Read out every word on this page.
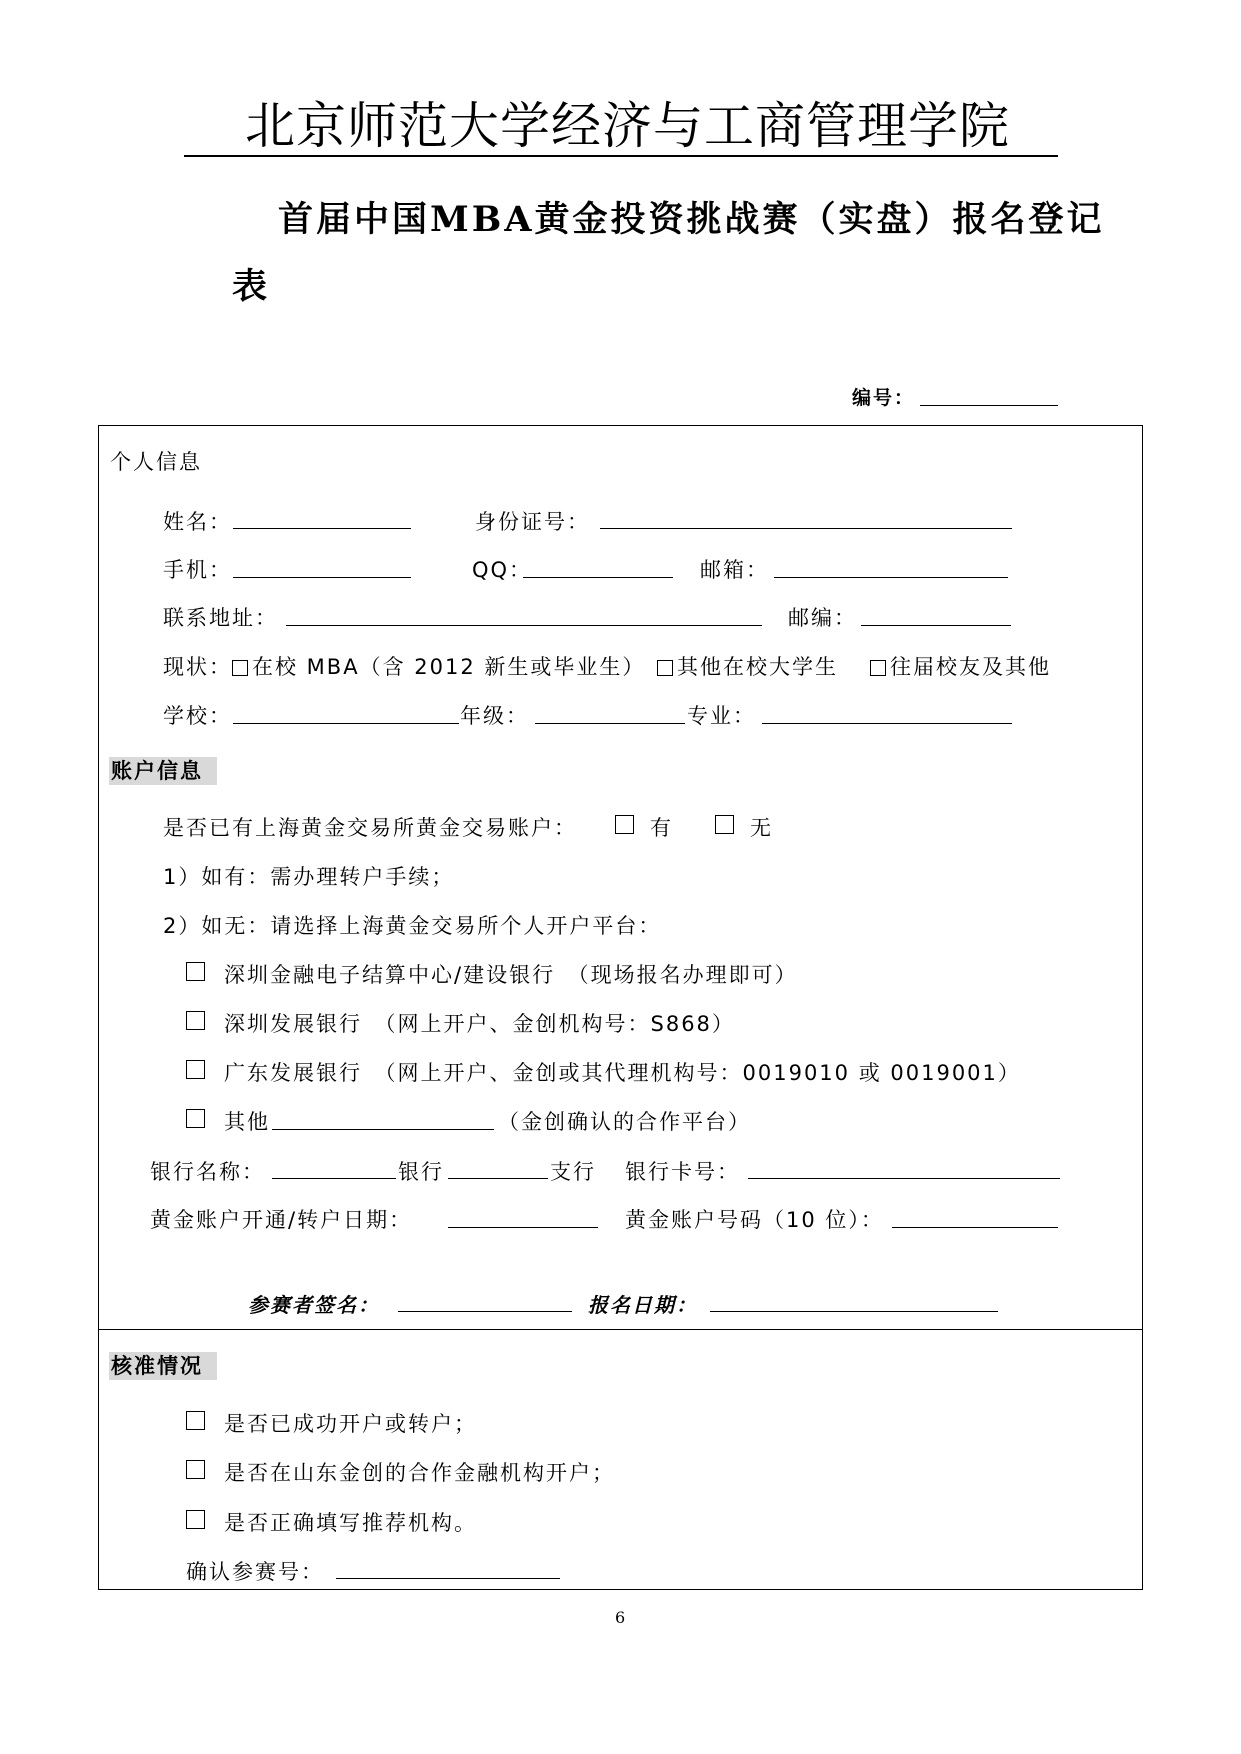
北京师范大学经济与工商管理学院
首届中国MBA黄金投资挑战赛（实盘）报名登记
表
编号：
个人信息
姓名：	身份证号：
手机：	QQ：	邮箱：
联系地址：	邮编：
现状： 在校 MBA（含 2012 新生或毕业生）	其他在校大学生	往届校友及其他
学校：	年级：	专业：
账户信息
是否已有上海黄金交易所黄金交易账户：	有	无
1）如有：需办理转户手续；
2）如无：请选择上海黄金交易所个人开户平台：
深圳金融电子结算中心/建设银行　（现场报名办理即可）
深圳发展银行　（网上开户、金创机构号：S868）
广东发展银行　（网上开户、金创或其代理机构号：0019010 或 0019001）
其他	（金创确认的合作平台）
银行名称：	银行	支行 银行卡号：
黄金账户开通/转户日期：	黄金账户号码（10 位）：
参赛者签名：	报名日期：
核准情况
是否已成功开户或转户；
是否在山东金创的合作金融机构开户；
是否正确填写推荐机构。
确认参赛号：
6
